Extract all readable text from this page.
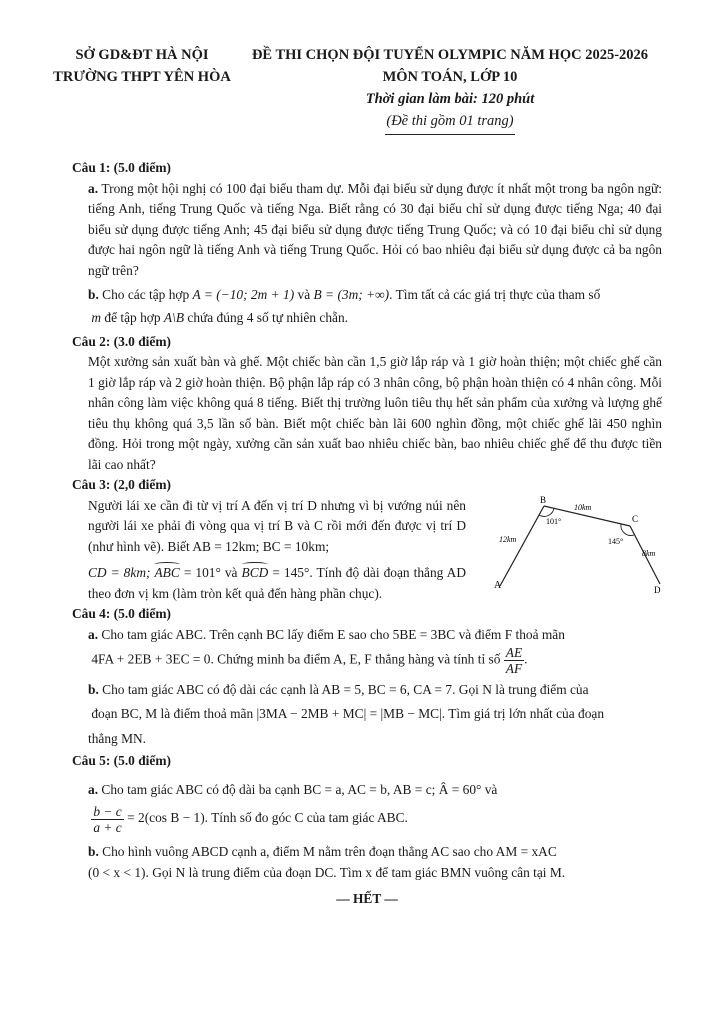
SỞ GD&ĐT HÀ NỘI
TRƯỜNG THPT YÊN HÒA
ĐỀ THI CHỌN ĐỘI TUYỂN OLYMPIC NĂM HỌC 2025-2026
MÔN TOÁN, LỚP 10
Thời gian làm bài: 120 phút
(Đề thi gồm 01 trang)

Câu 1: (5.0 điểm)

a. Trong một hội nghị có 100 đại biểu tham dự. Mỗi đại biểu sử dụng được ít nhất một trong ba ngôn ngữ: tiếng Anh, tiếng Trung Quốc và tiếng Nga. Biết rằng có 30 đại biểu chỉ sử dụng được tiếng Nga; 40 đại biểu sử dụng được tiếng Anh; 45 đại biểu sử dụng được tiếng Trung Quốc; và có 10 đại biểu chỉ sử dụng được hai ngôn ngữ là tiếng Anh và tiếng Trung Quốc. Hỏi có bao nhiêu đại biểu sử dụng được cả ba ngôn ngữ trên?

b. Cho các tập hợp A = (−10; 2m + 1) và B = (3m; +∞). Tìm tất cả các giá trị thực của tham số
m để tập hợp A\B chứa đúng 4 số tự nhiên chẵn.

Câu 2: (3.0 điểm)

Một xưởng sản xuất bàn và ghế. Một chiếc bàn cần 1,5 giờ lắp ráp và 1 giờ hoàn thiện; một chiếc ghế cần 1 giờ lắp ráp và 2 giờ hoàn thiện. Bộ phận lắp ráp có 3 nhân công, bộ phận hoàn thiện có 4 nhân công. Mỗi nhân công làm việc không quá 8 tiếng. Biết thị trường luôn tiêu thụ hết sản phẩm của xưởng và lượng ghế tiêu thụ không quá 3,5 lần số bàn. Biết một chiếc bàn lãi 600 nghìn đồng, một chiếc ghế lãi 450 nghìn đồng. Hỏi trong một ngày, xưởng cần sản xuất bao nhiêu chiếc bàn, bao nhiêu chiếc ghế để thu được tiền lãi cao nhất?

Câu 3: (2,0 điểm)

Người lái xe cần đi từ vị trí A đến vị trí D nhưng vì bị vướng núi nên người lái xe phải đi vòng qua vị trí B và C rồi mới đến được vị trí D (như hình vẽ). Biết AB = 12km; BC = 10km;
CD = 8km; ABC = 101° và BCD = 145°. Tính độ dài đoạn thẳng AD theo đơn vị km (làm tròn kết quả đến hàng phần chục).
A
B
C
D
10km
12km
8km
101°
145°

Câu 4: (5.0 điểm)

a. Cho tam giác ABC. Trên cạnh BC lấy điểm E sao cho 5BE = 3BC và điểm F thoả mãn
4FA + 2EB + 3EC = 0. Chứng minh ba điểm A, E, F thẳng hàng và tính tỉ số $\frac{AE}{AF}$ .

b. Cho tam giác ABC có độ dài các cạnh là AB = 5, BC = 6, CA = 7. Gọi N là trung điểm của
đoạn BC, M là điểm thoả mãn |3MA − 2MB + MC| = |MB − MC|. Tìm giá trị lớn nhất của đoạn
thẳng MN.

Câu 5: (5.0 điểm)

a. Cho tam giác ABC có độ dài ba cạnh BC = a, AC = b, AB = c; Â = 60° và

$\frac{b - c}{a + c} = 2(\cos$ B − 1). Tính số đo góc C của tam giác ABC.

b. Cho hình vuông ABCD cạnh a, điểm M nằm trên đoạn thẳng AC sao cho AM = xAC
(0 < x < 1). Gọi N là trung điểm của đoạn DC. Tìm x để tam giác BMN vuông cân tại M.

— HẾT —
